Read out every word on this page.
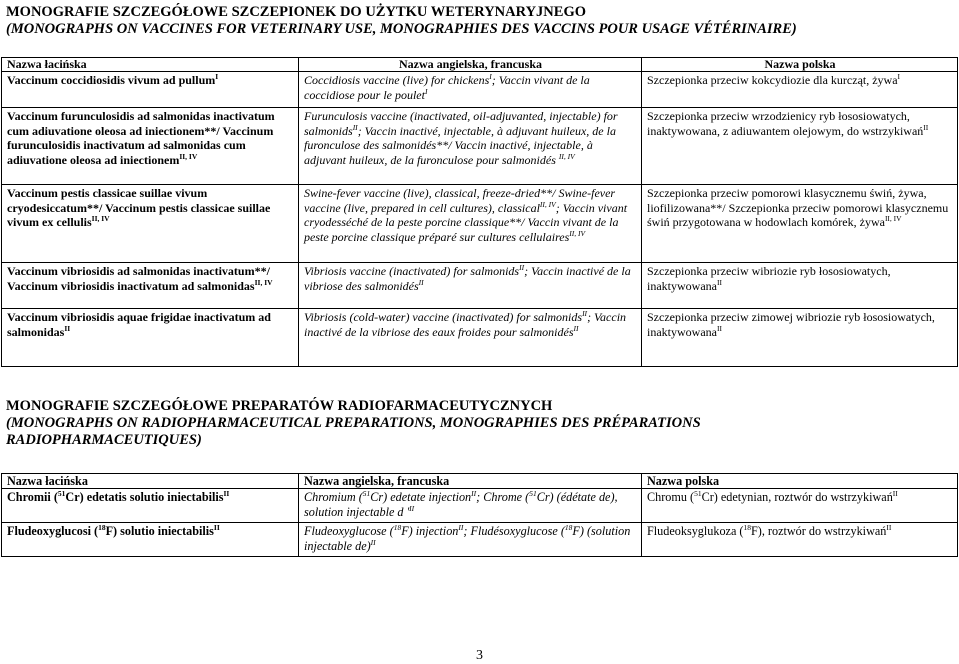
MONOGRAFIE SZCZEGÓŁOWE SZCZEPIONEK DO UŻYTKU WETERYNARYJNEGO
(MONOGRAPHS ON VACCINES FOR VETERINARY USE, MONOGRAPHIES DES VACCINS POUR USAGE VÉTÉRINAIRE)
Nazwa łacińska	Nazwa angielska, francuska	Nazwa polska
Vaccinum coccidiosidis vivum ad pullum$^I$	Coccidiosis vaccine (live) for chickens$^I$; Vaccin vivant de la coccidiose pour le poulet$^I$	Szczepionka przeciw kokcydiozie dla kurcząt, żywa$^I$
Vaccinum furunculosidis ad salmonidas inactivatum cum adiuvatione oleosa ad iniectionem**/ Vaccinum furunculosidis inactivatum ad salmonidas cum adiuvatione oleosa ad iniectionem$^{II, IV}$	Furunculosis vaccine (inactivated, oil-adjuvanted, injectable) for salmonids$^{II}$; Vaccin inactivé, injectable, à adjuvant huileux, de la furonculose des salmonidés**/ Vaccin inactivé, injectable, à adjuvant huileux, de la furonculose pour salmonidés $^{II, IV}$	Szczepionka przeciw wrzodzienicy ryb łososiowatych, inaktywowana, z adiuwantem olejowym, do wstrzykiwań$^{II}$
Vaccinum pestis classicae suillae vivum cryodesiccatum**/ Vaccinum pestis classicae suillae vivum ex cellulis$^{II, IV}$	Swine-fever vaccine (live), classical, freeze-dried**/ Swine-fever vaccine (live, prepared in cell cultures), classical$^{II, IV}$; Vaccin vivant cryodesséché de la peste porcine classique**/ Vaccin vivant de la peste porcine classique préparé sur cultures cellulaires$^{II, IV}$	Szczepionka przeciw pomorowi klasycznemu świń, żywa, liofilizowana**/ Szczepionka przeciw pomorowi klasycznemu świń przygotowana w hodowlach komórek, żywa$^{II, IV}$
Vaccinum vibriosidis ad salmonidas inactivatum**/ Vaccinum vibriosidis inactivatum ad salmonidas$^{II, IV}$	Vibriosis vaccine (inactivated) for salmonids$^{II}$; Vaccin inactivé de la vibriose des salmonidés$^{II}$	Szczepionka przeciw wibriozie ryb łososiowatych, inaktywowana$^{II}$
Vaccinum vibriosidis aquae frigidae inactivatum ad salmonidas$^{II}$	Vibriosis (cold-water) vaccine (inactivated) for salmonids$^{II}$; Vaccin inactivé de la vibriose des eaux froides pour salmonidés$^{II}$	Szczepionka przeciw zimowej wibriozie ryb łososiowatych, inaktywowana$^{II}$
MONOGRAFIE SZCZEGÓŁOWE PREPARATÓW RADIOFARMACEUTYCZNYCH
(MONOGRAPHS ON RADIOPHARMACEUTICAL PREPARATIONS, MONOGRAPHIES DES PRÉPARATIONS
RADIOPHARMACEUTIQUES)
Nazwa łacińska	Nazwa angielska, francuska	Nazwa polska
Chromii ($^{51}$Cr) edetatis solutio iniectabilis$^{II}$	Chromium ($^{51}$Cr) edetate injection$^{II}$; Chrome ($^{51}$Cr) (édétate de), solution injectable d '$^{II}$	Chromu ($^{51}$Cr) edetynian, roztwór do wstrzykiwań$^{II}$
Fludeoxyglucosi ($^{18}$F) solutio iniectabilis$^{II}$	Fludeoxyglucose ($^{18}$F) injection$^{II}$; Fludésoxyglucose ($^{18}$F) (solution injectable de)$^{II}$	Fludeoksyglukoza ($^{18}$F), roztwór do wstrzykiwań$^{II}$
3
